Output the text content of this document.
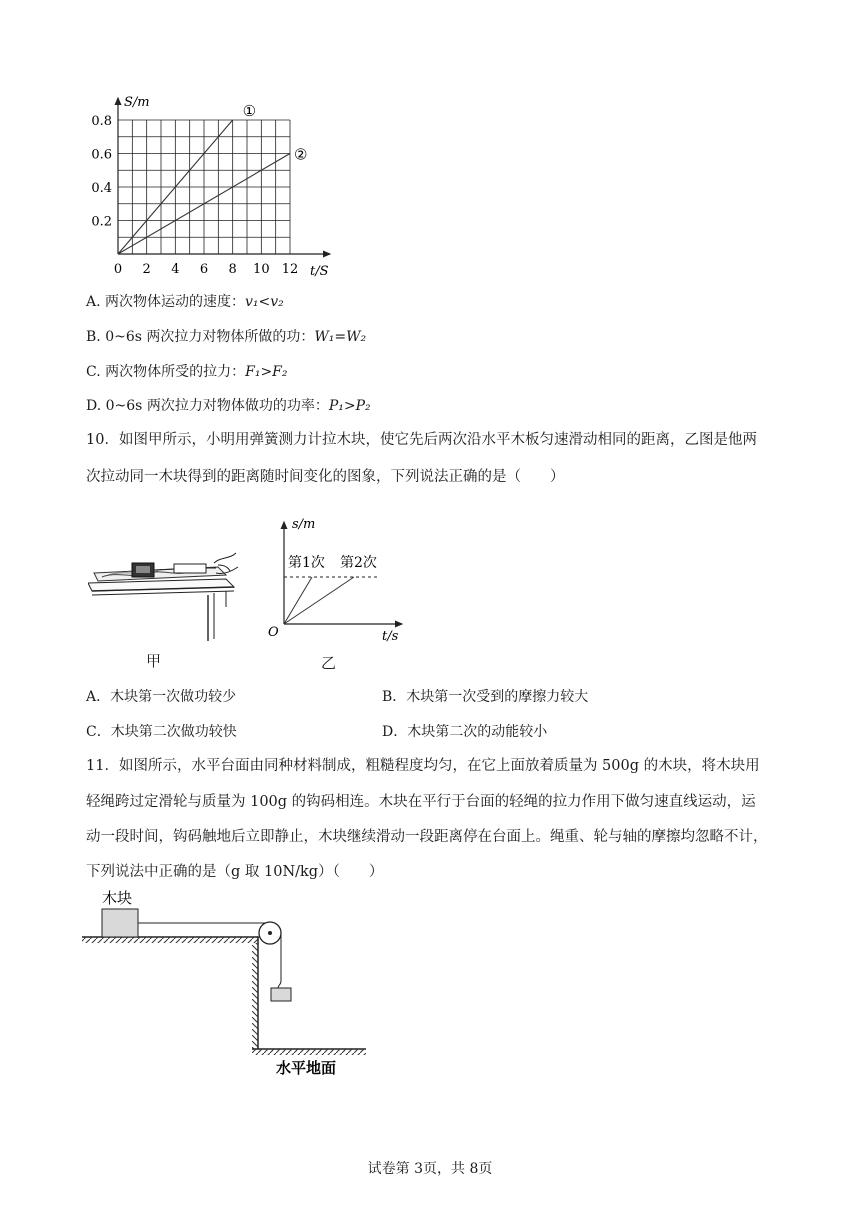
0.8
0.6
0.4
0.2
0 2 4 6 8 10 12
S/m
t/S
①
②
A. 两次物体运动的速度：v₁<v₂
B. 0~6s 两次拉力对物体所做的功：W₁=W₂
C. 两次物体所受的拉力：F₁>F₂
D. 0~6s 两次拉力对物体做功的功率：P₁>P₂
10．如图甲所示，小明用弹簧测力计拉木块，使它先后两次沿水平木板匀速滑动相同的距离，乙图是他两
次拉动同一木块得到的距离随时间变化的图象，下列说法正确的是（　　）
甲
s/m
第1次 第2次
O	t/s
乙
A．木块第一次做功较少	B．木块第一次受到的摩擦力较大
C．木块第二次做功较快	D．木块第二次的动能较小
11．如图所示，水平台面由同种材料制成，粗糙程度均匀，在它上面放着质量为 500g 的木块，将木块用
轻绳跨过定滑轮与质量为 100g 的钩码相连。木块在平行于台面的轻绳的拉力作用下做匀速直线运动，运
动一段时间，钩码触地后立即静止，木块继续滑动一段距离停在台面上。绳重、轮与轴的摩擦均忽略不计，
下列说法中正确的是（g 取 10N/kg）（　　）
木块
水平地面
试卷第 3页，共 8页
